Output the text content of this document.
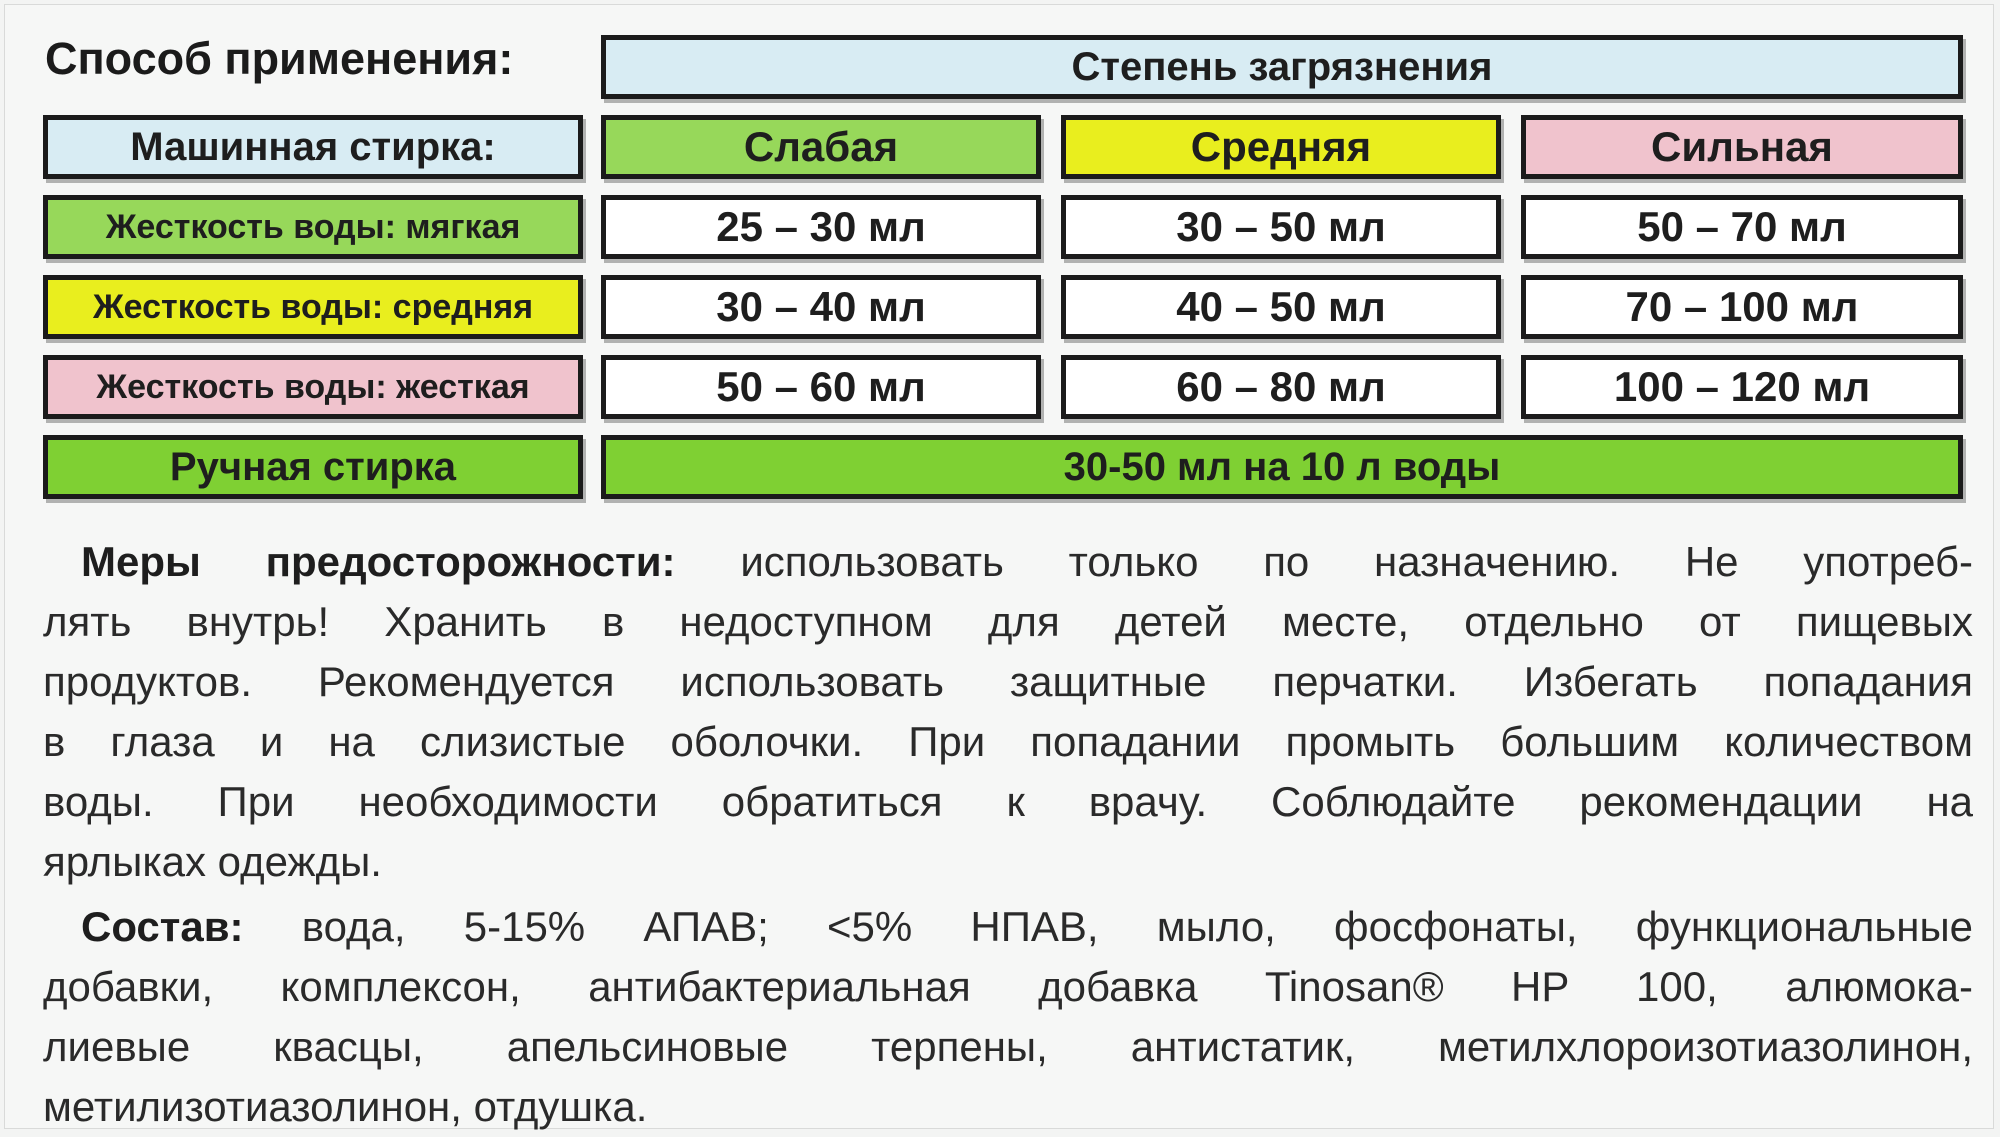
Способ применения:	Степень загрязнения
Машинная стирка:	Слабая	Средняя	Сильная
Жесткость воды: мягкая	25 – 30 мл	30 – 50 мл	50 – 70 мл
Жесткость воды: средняя	30 – 40 мл	40 – 50 мл	70 – 100 мл
Жесткость воды: жесткая	50 – 60 мл	60 – 80 мл	100 – 120 мл
Ручная стирка	30-50 мл на 10 л воды
Меры предосторожности: использовать только по назначению. Не употреб-
лять внутрь! Хранить в недоступном для детей месте, отдельно от пищевых
продуктов. Рекомендуется использовать защитные перчатки. Избегать попадания
в глаза и на слизистые оболочки. При попадании промыть большим количеством
воды. При необходимости обратиться к врачу. Соблюдайте рекомендации на
ярлыках одежды.
Состав: вода, 5-15% АПАВ; <5% НПАВ, мыло, фосфонаты, функциональные
добавки, комплексон, антибактериальная добавка Tinosan® HP 100, алюмока-
лиевые квасцы, апельсиновые терпены, антистатик, метилхлороизотиазолинон,
метилизотиазолинон, отдушка.
